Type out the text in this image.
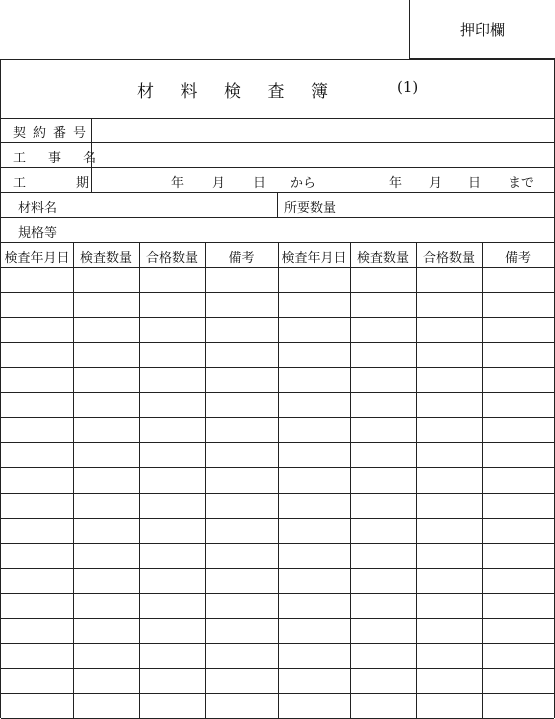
押印欄
材料検査簿	(1)
契約番号
工事名
工期 年 月 日 から	年 月 日 まで
材料名	所要数量
規格等
検査年月日 検査数量	合格数量	備考	検査年月日 検査数量	合格数量	備考
